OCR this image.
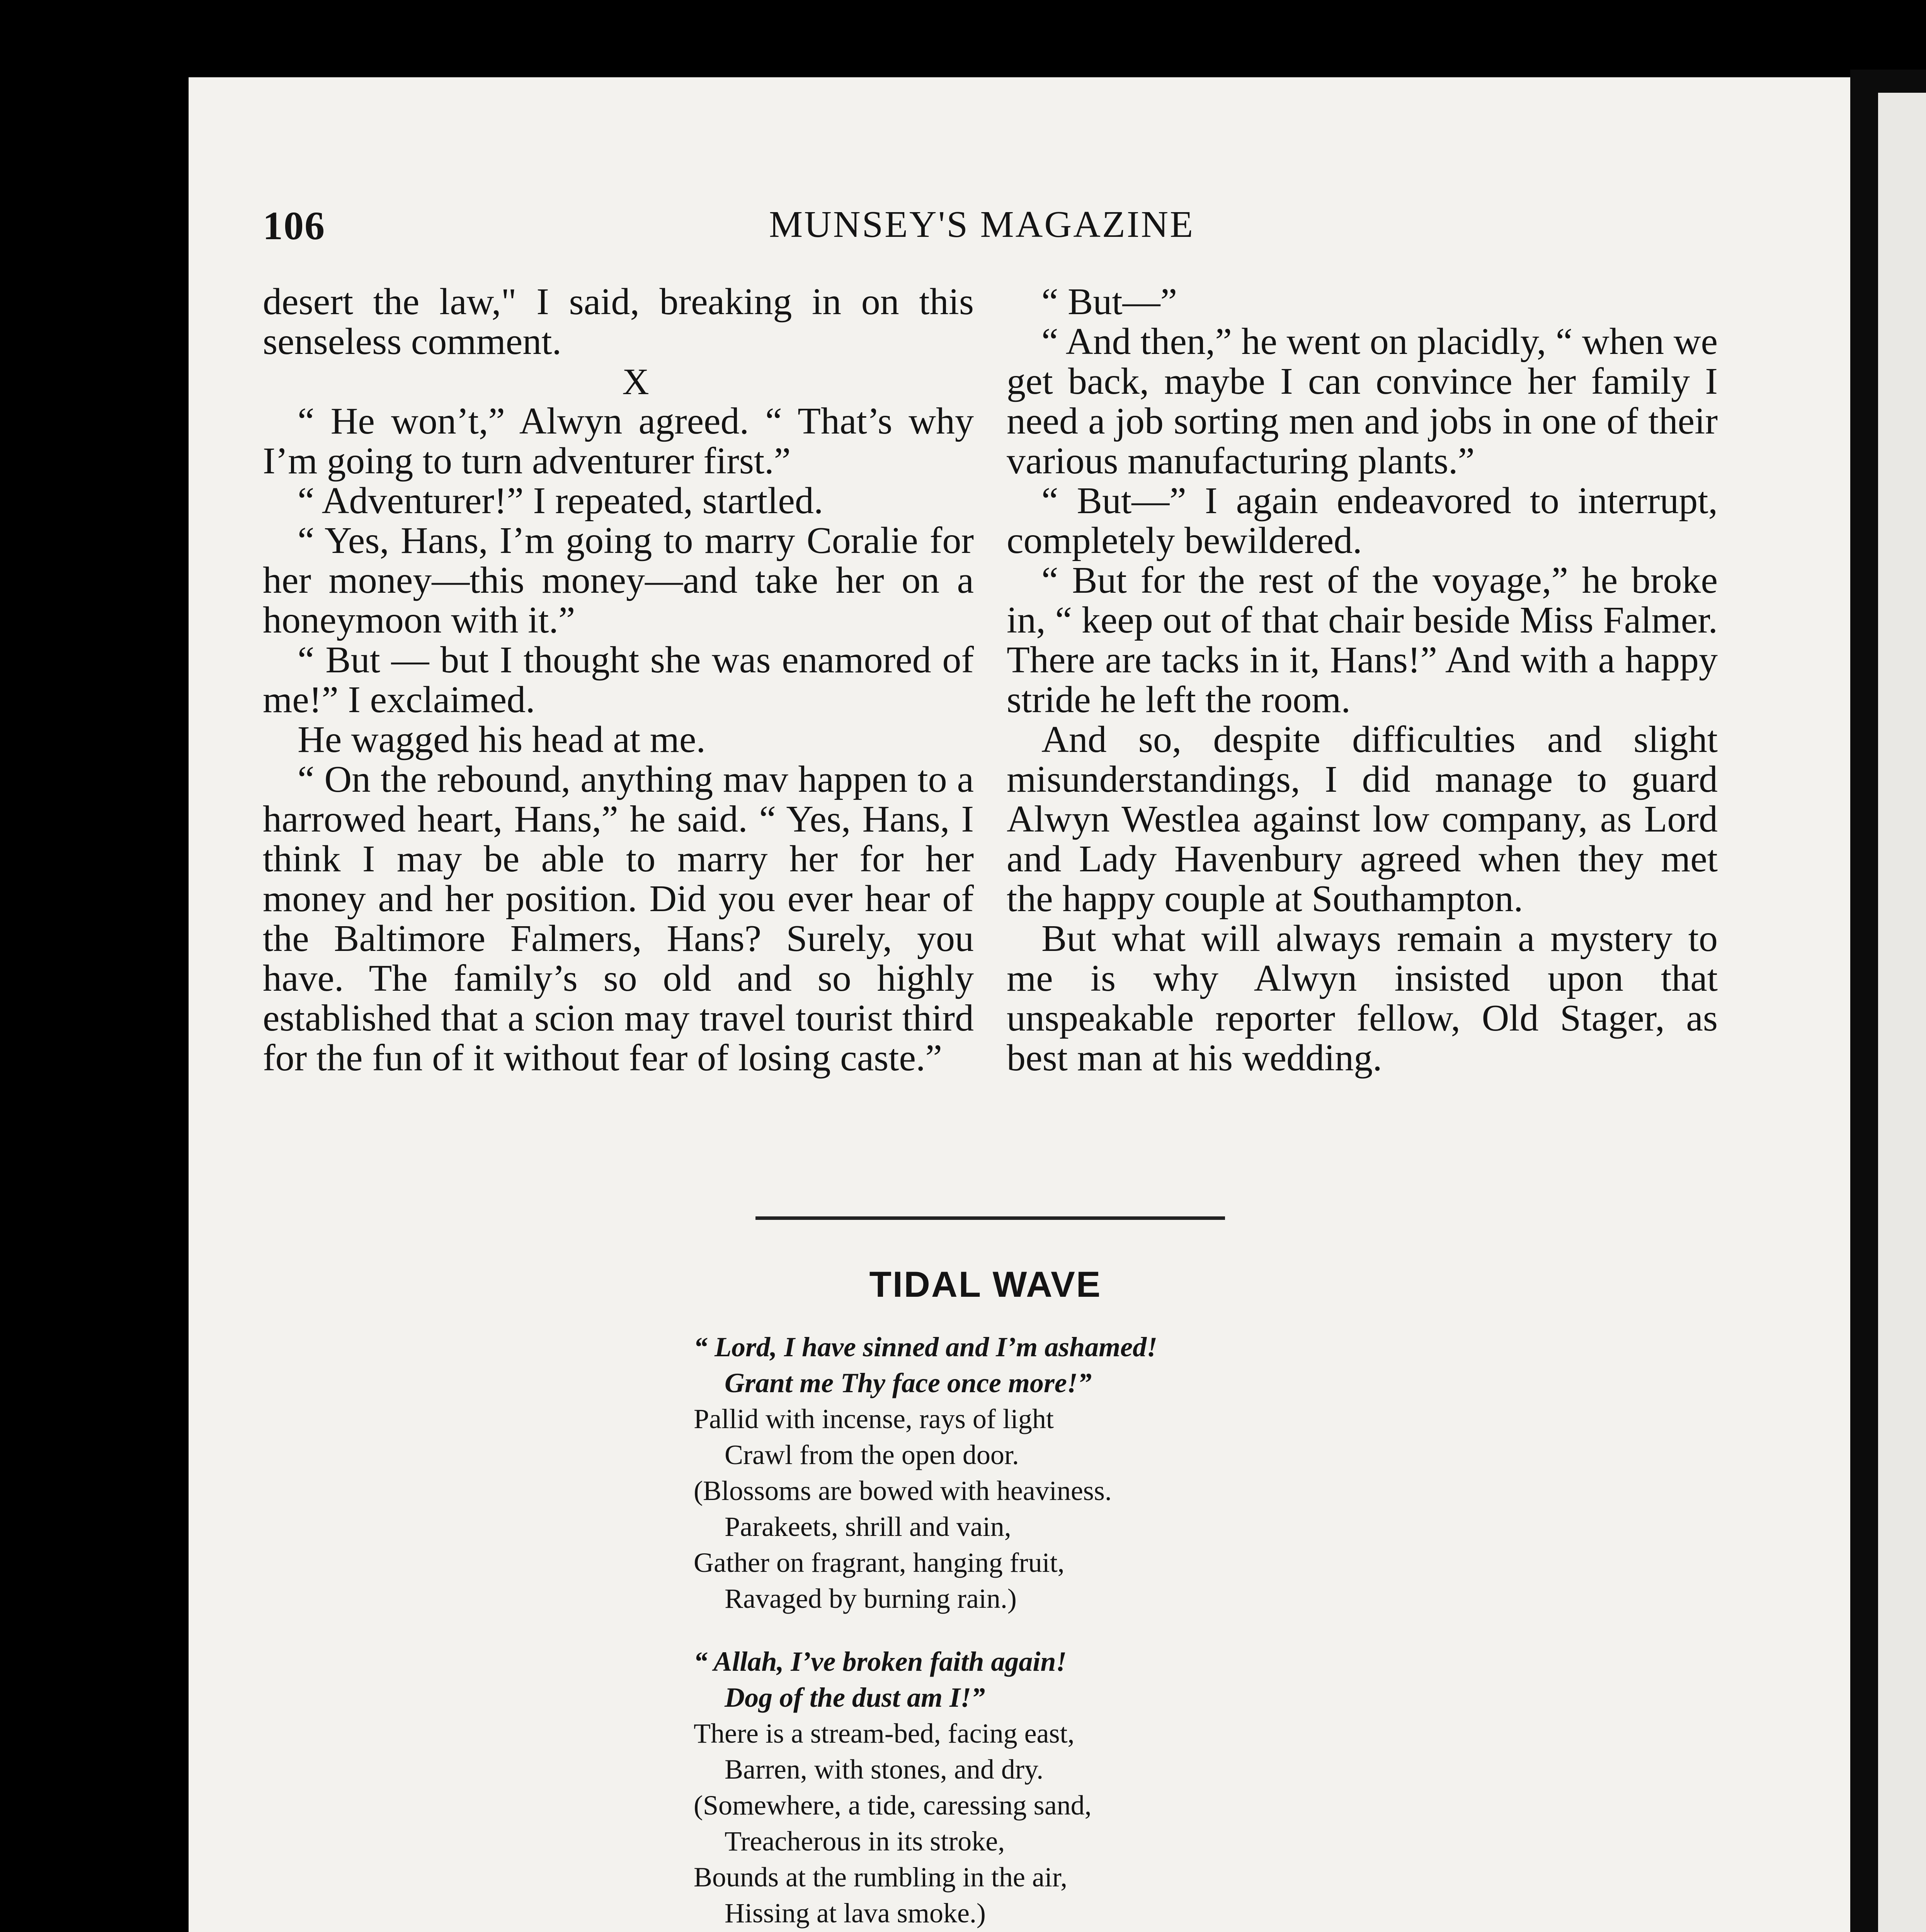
106	MUNSEY'S MAGAZINE

desert the law," I said, breaking in on this senseless comment.

X

“ He won’t,” Alwyn agreed. “ That’s why I’m going to turn adventurer first.”

“ Adventurer!” I repeated, startled.

“ Yes, Hans, I’m going to marry Coralie for her money—this money—and take her on a honeymoon with it.”

“ But — but I thought she was enamored of me!” I exclaimed.

He wagged his head at me.

“ On the rebound, anything mav happen to a harrowed heart, Hans,” he said. “ Yes, Hans, I think I may be able to marry her for her money and her position. Did you ever hear of the Baltimore Falmers, Hans? Surely, you have. The family’s so old and so highly established that a scion may travel tourist third for the fun of it without fear of losing caste.”

“ But—”

“ And then,” he went on placidly, “ when we get back, maybe I can convince her family I need a job sorting men and jobs in one of their various manufacturing plants.”

“ But—” I again endeavored to interrupt, completely bewildered.

“ But for the rest of the voyage,” he broke in, “ keep out of that chair beside Miss Falmer. There are tacks in it, Hans!” And with a happy stride he left the room.

And so, despite difficulties and slight misunderstandings, I did manage to guard Alwyn Westlea against low company, as Lord and Lady Havenbury agreed when they met the happy couple at Southampton.

But what will always remain a mystery to me is why Alwyn insisted upon that unspeakable reporter fellow, Old Stager, as best man at his wedding.

TIDAL WAVE
“ Lord, I have sinned and I’m ashamed!
Grant me Thy face once more!”
Pallid with incense, rays of light
Crawl from the open door.
(Blossoms are bowed with heaviness.
Parakeets, shrill and vain,
Gather on fragrant, hanging fruit,
Ravaged by burning rain.)
“ Allah, I’ve broken faith again!
Dog of the dust am I!”
There is a stream-bed, facing east,
Barren, with stones, and dry.
(Somewhere, a tide, caressing sand,
Treacherous in its stroke,
Bounds at the rumbling in the air,
Hissing at lava smoke.)
